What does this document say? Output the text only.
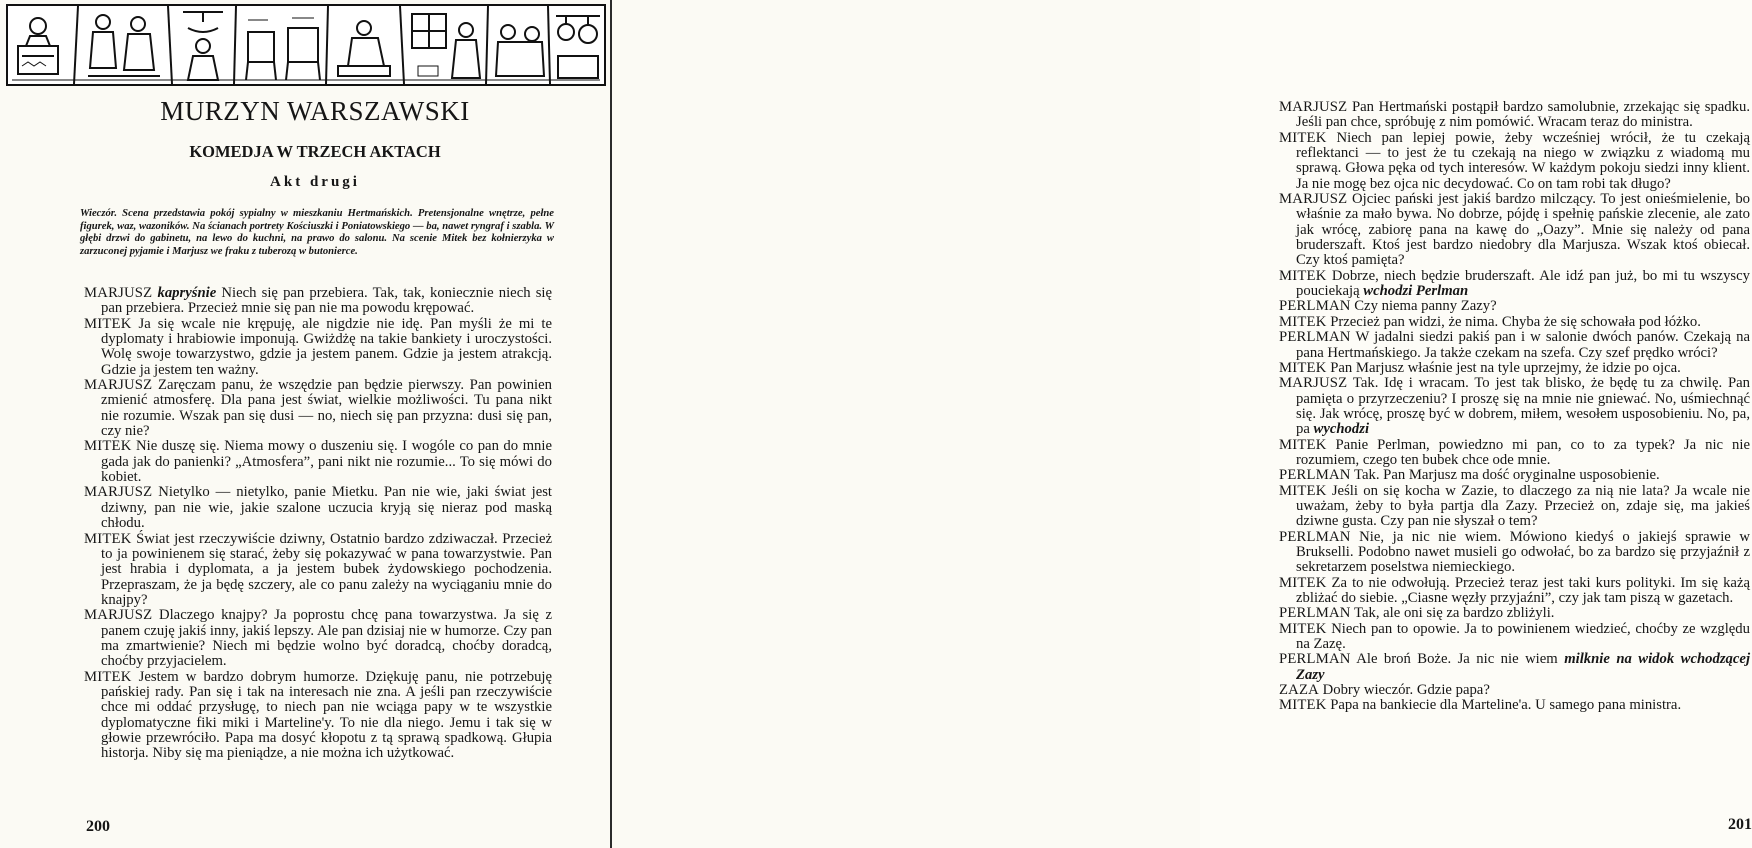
MURZYN WARSZAWSKI
KOMEDJA W TRZECH AKTACH
Akt drugi

Wieczór. Scena przedstawia pokój sypialny w mieszkaniu Hertmańskich. Pretensjonalne wnętrze, pełne figurek, waz, wazoników. Na ścianach portrety Kościuszki i Poniatowskiego — ba, nawet ryngraf i szabla. W głębi drzwi do gabinetu, na lewo do kuchni, na prawo do salonu. Na scenie Mitek bez kołnierzyka w zarzuconej pyjamie i Marjusz we fraku z tuberozą w butonierce.

MARJUSZ kapryśnie Niech się pan przebiera. Tak, tak, koniecznie niech się pan przebiera. Przecież mnie się pan nie ma powodu krępować.

MITEK Ja się wcale nie krępuję, ale nigdzie nie idę. Pan myśli że mi te dyplomaty i hrabiowie imponują. Gwiżdżę na takie bankiety i uroczystości. Wolę swoje towarzystwo, gdzie ja jestem panem. Gdzie ja jestem atrakcją. Gdzie ja jestem ten ważny.

MARJUSZ Zaręczam panu, że wszędzie pan będzie pierwszy. Pan powinien zmienić atmosferę. Dla pana jest świat, wielkie możliwości. Tu pana nikt nie rozumie. Wszak pan się dusi — no, niech się pan przyzna: dusi się pan, czy nie?

MITEK Nie duszę się. Niema mowy o duszeniu się. I wogóle co pan do mnie gada jak do panienki? „Atmosfera”, pani nikt nie rozumie... To się mówi do kobiet.

MARJUSZ Nietylko — nietylko, panie Mietku. Pan nie wie, jaki świat jest dziwny, pan nie wie, jakie szalone uczucia kryją się nieraz pod maską chłodu.

MITEK Świat jest rzeczywiście dziwny, Ostatnio bardzo zdziwaczał. Przecież to ja powinienem się starać, żeby się pokazywać w pana towarzystwie. Pan jest hrabia i dyplomata, a ja jestem bubek żydowskiego pochodzenia. Przepraszam, że ja będę szczery, ale co panu zależy na wyciąganiu mnie do knajpy?

MARJUSZ Dlaczego knajpy? Ja poprostu chcę pana towarzystwa. Ja się z panem czuję jakiś inny, jakiś lepszy. Ale pan dzisiaj nie w humorze. Czy pan ma zmartwienie? Niech mi będzie wolno być doradcą, choćby doradcą, choćby przyjacielem.

MITEK Jestem w bardzo dobrym humorze. Dziękuję panu, nie potrzebuję pańskiej rady. Pan się i tak na interesach nie zna. A jeśli pan rzeczywiście chce mi oddać przysługę, to niech pan nie wciąga papy w te wszystkie dyplomatyczne fiki miki i Marteline'y. To nie dla niego. Jemu i tak się w głowie przewróciło. Papa ma dosyć kłopotu z tą sprawą spadkową. Głupia historja. Niby się ma pieniądze, a nie można ich użytkować.

200

MARJUSZ Pan Hertmański postąpił bardzo samolubnie, zrzekając się spadku. Jeśli pan chce, spróbuję z nim pomówić. Wracam teraz do ministra.

MITEK Niech pan lepiej powie, żeby wcześniej wrócił, że tu czekają reflektanci — to jest że tu czekają na niego w związku z wiadomą mu sprawą. Głowa pęka od tych interesów. W każdym pokoju siedzi inny klient. Ja nie mogę bez ojca nic decydować. Co on tam robi tak długo?

MARJUSZ Ojciec pański jest jakiś bardzo milczący. To jest onieśmielenie, bo właśnie za mało bywa. No dobrze, pójdę i spełnię pańskie zlecenie, ale zato jak wrócę, zabiorę pana na kawę do „Oazy”. Mnie się należy od pana bruderszaft. Ktoś jest bardzo niedobry dla Marjusza. Wszak ktoś obiecał. Czy ktoś pamięta?

MITEK Dobrze, niech będzie bruderszaft. Ale idź pan już, bo mi tu wszyscy pouciekają wchodzi Perlman

PERLMAN Czy niema panny Zazy?

MITEK Przecież pan widzi, że nima. Chyba że się schowała pod łóżko.

PERLMAN W jadalni siedzi pakiś pan i w salonie dwóch panów. Czekają na pana Hertmańskiego. Ja także czekam na szefa. Czy szef prędko wróci?

MITEK Pan Marjusz właśnie jest na tyle uprzejmy, że idzie po ojca.

MARJUSZ Tak. Idę i wracam. To jest tak blisko, że będę tu za chwilę. Pan pamięta o przyrzeczeniu? I proszę się na mnie nie gniewać. No, uśmiechnąć się. Jak wrócę, proszę być w dobrem, miłem, wesołem usposobieniu. No, pa, pa wychodzi

MITEK Panie Perlman, powiedzno mi pan, co to za typek? Ja nic nie rozumiem, czego ten bubek chce ode mnie.

PERLMAN Tak. Pan Marjusz ma dość oryginalne usposobienie.

MITEK Jeśli on się kocha w Zazie, to dlaczego za nią nie lata? Ja wcale nie uważam, żeby to była partja dla Zazy. Przecież on, zdaje się, ma jakieś dziwne gusta. Czy pan nie słyszał o tem?

PERLMAN Nie, ja nic nie wiem. Mówiono kiedyś o jakiejś sprawie w Brukselli. Podobno nawet musieli go odwołać, bo za bardzo się przyjaźnił z sekretarzem poselstwa niemieckiego.

MITEK Za to nie odwołują. Przecież teraz jest taki kurs polityki. Im się każą zbliżać do siebie. „Ciasne węzły przyjaźni”, czy jak tam piszą w gazetach.

PERLMAN Tak, ale oni się za bardzo zbliżyli.

MITEK Niech pan to opowie. Ja to powinienem wiedzieć, choćby ze względu na Zazę.

PERLMAN Ale broń Boże. Ja nic nie wiem milknie na widok wchodzącej Zazy

ZAZA Dobry wieczór. Gdzie papa?

MITEK Papa na bankiecie dla Marteline'a. U samego pana ministra.

201
